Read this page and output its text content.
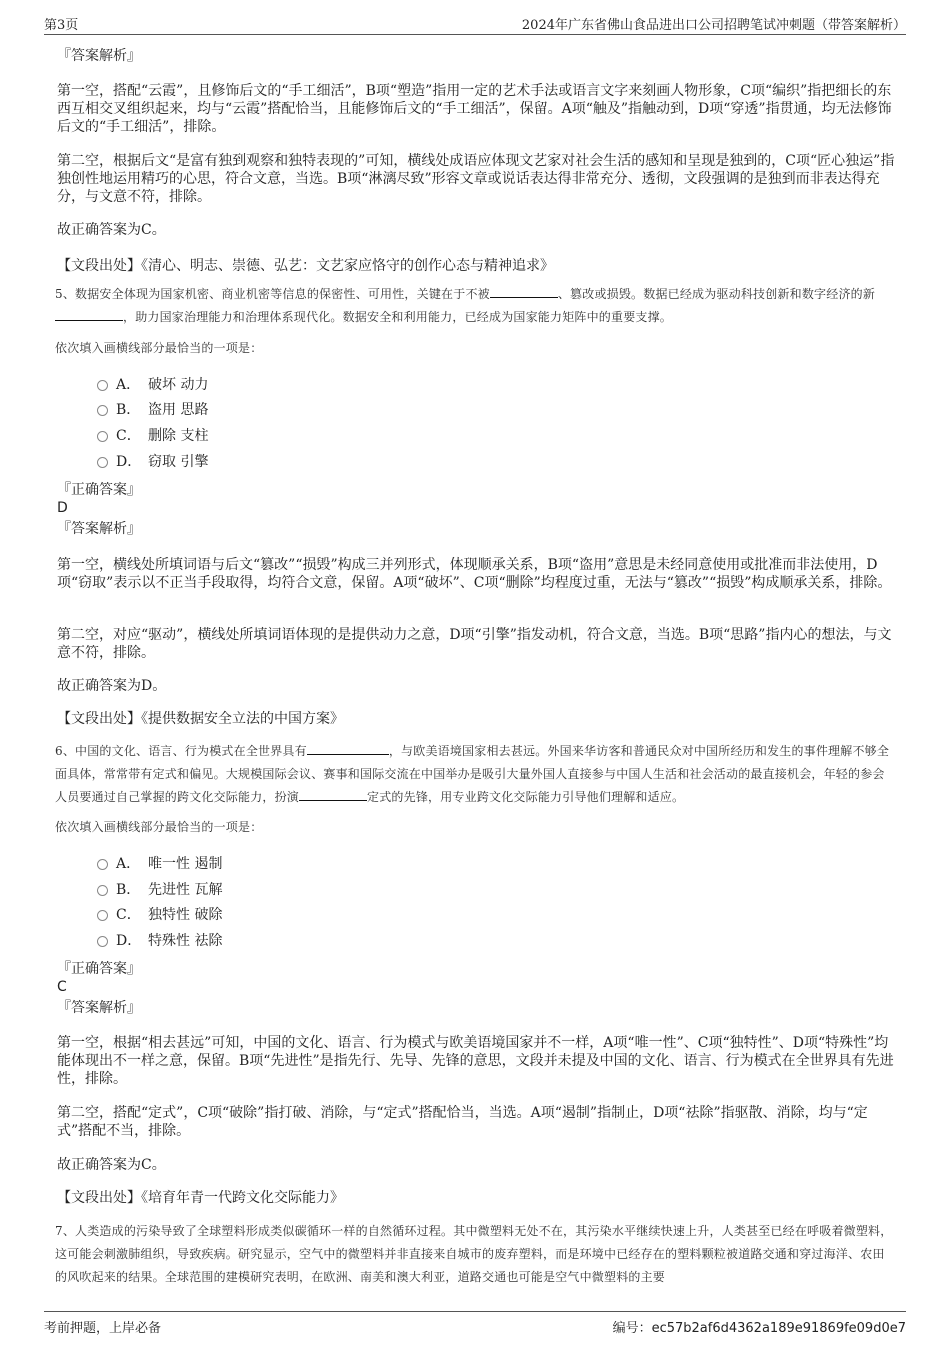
第3页	2024年广东省佛山食品进出口公司招聘笔试冲刺题（带答案解析）
『答案解析』

第一空，搭配“云霞”，且修饰后文的“手工细活”，B项“塑造”指用一定的艺术手法或语言文字来刻画人物形象，C项“编织”指把细长的东西互相交叉组织起来，均与“云霞”搭配恰当，且能修饰后文的“手工细活”，保留。A项“触及”指触动到，D项“穿透”指贯通，均无法修饰后文的“手工细活”，排除。

第二空，根据后文“是富有独到观察和独特表现的”可知，横线处成语应体现文艺家对社会生活的感知和呈现是独到的，C项“匠心独运”指独创性地运用精巧的心思，符合文意，当选。B项“淋漓尽致”形容文章或说话表达得非常充分、透彻，文段强调的是独到而非表达得充分，与文意不符，排除。

故正确答案为C。
【文段出处】《清心、明志、崇德、弘艺：文艺家应恪守的创作心态与精神追求》
5、数据安全体现为国家机密、商业机密等信息的保密性、可用性，关键在于不被	、篡改或损毁。数据已经成为驱动科技创新和数字经济的新，助力国家治理能力和治理体系现代化。数据安全和利用能力，已经成为国家能力矩阵中的重要支撑。
依次填入画横线部分最恰当的一项是：
A． 破坏 动力
B． 盗用 思路
C． 删除 支柱
D． 窃取 引擎
『正确答案』
D
『答案解析』

第一空，横线处所填词语与后文“篡改”“损毁”构成三并列形式，体现顺承关系，B项“盗用”意思是未经同意使用或批准而非法使用，D项“窃取”表示以不正当手段取得，均符合文意，保留。A项“破坏”、C项“删除”均程度过重，无法与“篡改”“损毁”构成顺承关系，排除。

第二空，对应“驱动”，横线处所填词语体现的是提供动力之意，D项“引擎”指发动机，符合文意，当选。B项“思路”指内心的想法，与文意不符，排除。

故正确答案为D。
【文段出处】《提供数据安全立法的中国方案》
6、中国的文化、语言、行为模式在全世界具有	，与欧美语境国家相去甚远。外国来华访客和普通民众对中国所经历和发生的事件理解不够全面具体，常常带有定式和偏见。大规模国际会议、赛事和国际交流在中国举办是吸引大量外国人直接参与中国人生活和社会活动的最直接机会，年轻的参会人员要通过自己掌握的跨文化交际能力，扮演	定式的先锋，用专业跨文化交际能力引导他们理解和适应。
依次填入画横线部分最恰当的一项是：
A． 唯一性 遏制
B． 先进性 瓦解
C． 独特性 破除
D． 特殊性 祛除
『正确答案』
C
『答案解析』

第一空，根据“相去甚远”可知，中国的文化、语言、行为模式与欧美语境国家并不一样，A项“唯一性”、C项“独特性”、D项“特殊性”均能体现出不一样之意，保留。B项“先进性”是指先行、先导、先锋的意思，文段并未提及中国的文化、语言、行为模式在全世界具有先进性，排除。

第二空，搭配“定式”，C项“破除”指打破、消除，与“定式”搭配恰当，当选。A项“遏制”指制止，D项“祛除”指驱散、消除，均与“定式”搭配不当，排除。

故正确答案为C。
【文段出处】《培育年青一代跨文化交际能力》
7、人类造成的污染导致了全球塑料形成类似碳循环一样的自然循环过程。其中微塑料无处不在，其污染水平继续快速上升，人类甚至已经在呼吸着微塑料，这可能会刺激肺组织，导致疾病。研究显示，空气中的微塑料并非直接来自城市的废弃塑料，而是环境中已经存在的塑料颗粒被道路交通和穿过海洋、农田的风吹起来的结果。全球范围的建模研究表明，在欧洲、南美和澳大利亚，道路交通也可能是空气中微塑料的主要
考前押题，上岸必备	编号：ec57b2af6d4362a189e91869fe09d0e7
